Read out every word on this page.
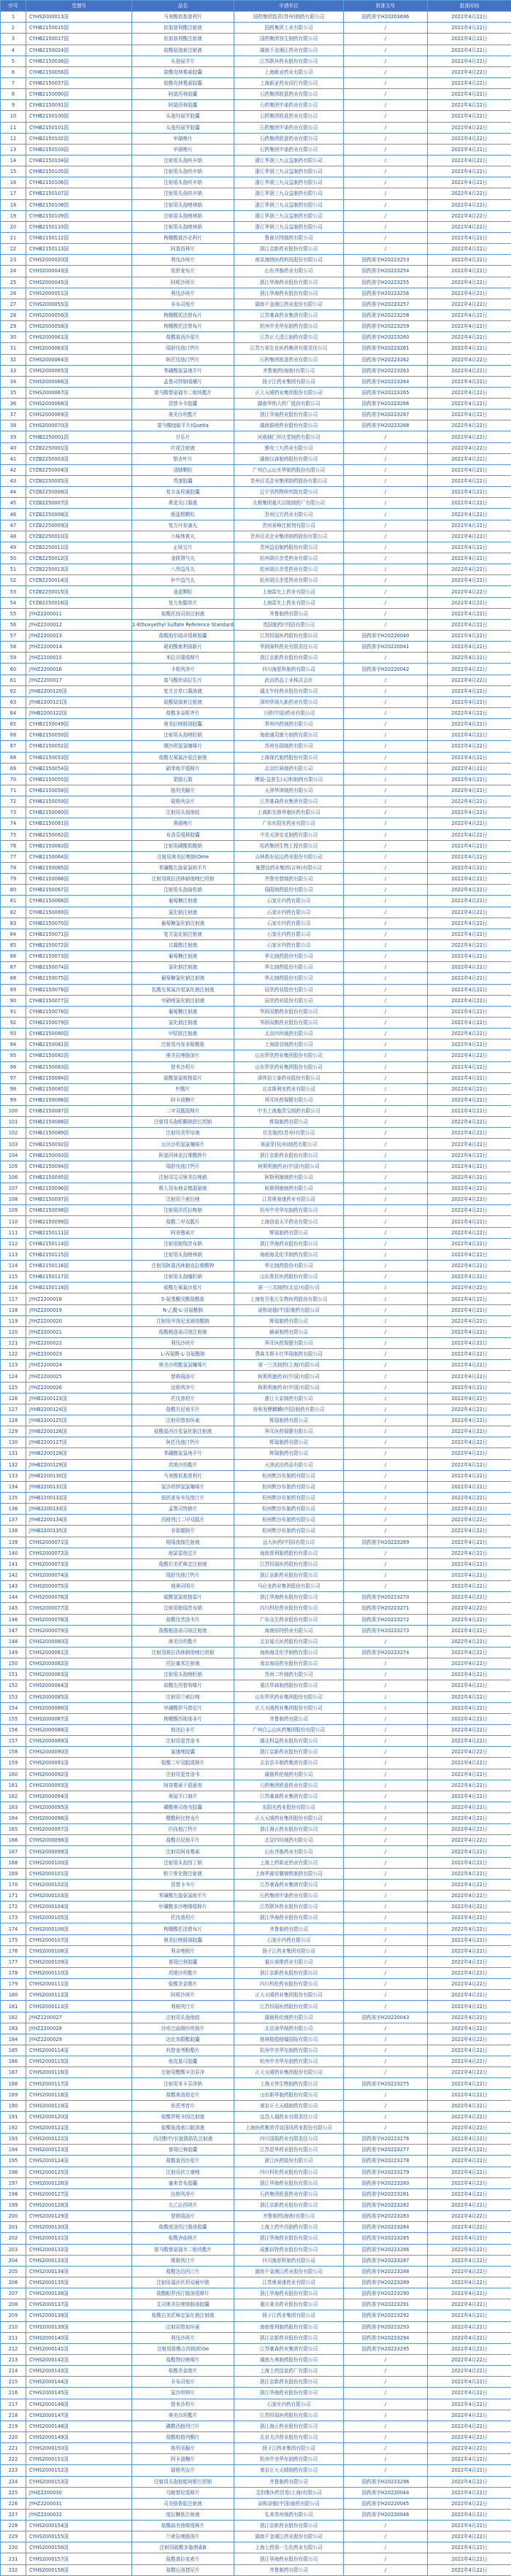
序号	受理号	品名	申请单位	批准文号	批准时间
1	CYHS2000013国	马来酸依那普利片	国药集团致君(苏州)制药有限公司	国药准字H20203696	2022年4月22日
2	CYHB2150015国	依那普利酸注射液	国药集团工业有限公司	/	2022年4月22日
3	CYHB2150017国	依那普利酸注射液	国药集团容生制药有限公司	/	2022年4月22日
4	CYHB2150024国	盐酸氨溴索注射液	湖南千金湘江药业有限公司	/	2022年4月22日
5	CYHB2150036国	头孢氨苄片	江苏联环药业股份有限公司	/	2022年4月22日
6	CYHB2150056国	盐酸克林霉素胶囊	上海新亚药业有限公司	/	2022年4月22日
7	CYHB2150057国	盐酸克林霉素胶囊	上海新亚药业闵行有限公司	/	2022年4月22日
8	CYHB2150090国	阿莫西林胶囊	石药集团欧意药业有限公司	/	2022年4月22日
9	CYHB2150091国	阿莫西林胶囊	石药集团中诺药业有限公司	/	2022年4月22日
10	CYHB2150100国	头孢羟氨苄胶囊	石药集团欧意药业有限公司	/	2022年4月22日
11	CYHB2150101国	头孢羟氨苄胶囊	石药集团中诺药业有限公司	/	2022年4月22日
12	CYHB2150102国	甲硝唑片	石药集团欧意药业有限公司	/	2022年4月22日
13	CYHB2150103国	甲硝唑片	石药集团中诺药业有限公司	/	2022年4月22日
14	CYHB2150104国	注射用头孢呋辛钠	浙江华润三九众益制药有限公司	/	2022年4月22日
15	CYHB2150105国	注射用头孢呋辛钠	浙江华润三九众益制药有限公司	/	2022年4月22日
16	CYHB2150106国	注射用头孢呋辛钠	浙江华润三九众益制药有限公司	/	2022年4月22日
17	CYHB2150107国	注射用头孢呋辛钠	浙江华润三九众益制药有限公司	/	2022年4月22日
18	CYHB2150108国	注射用头孢唑林钠	浙江华润三九众益制药有限公司	/	2022年4月22日
19	CYHB2150109国	注射用头孢唑林钠	浙江华润三九众益制药有限公司	/	2022年4月22日
20	CYHB2150110国	注射用头孢唑林钠	浙江华润三九众益制药有限公司	/	2022年4月22日
21	CYHB2150112国	枸橼酸莫沙必利片	鲁南贝特制药有限公司	/	2022年4月22日
22	CYHB2150113国	阿莫西林片	浙江京新药业股份有限公司	/	2022年4月22日
23	CYHS2000020国	利伐沙班片	南京海纳医药科技股份有限公司	国药准字H20223253	2022年4月22日
24	CYHS2000043国	依折麦布片	山东齐都药业有限公司	国药准字H20223254	2022年4月22日
25	CYHS2000045国	阿哌沙班片	浙江华海药业股份有限公司	国药准字H20223255	2022年4月22日
26	CYHS2000051国	利伐沙班片	浙江华海药业股份有限公司	国药准字H20223256	2022年4月22日
27	CYHS2000055国	非布司他片	湖南千金湘江药业股份有限公司	国药准字H20223257	2022年4月22日
28	CYHS2000056国	枸橼酸托法替布片	江苏豪森药业集团有限公司	国药准字H20223258	2022年4月22日
29	CYHS2000058国	枸橼酸托法替布片	杭州中美华东制药有限公司	国药准字H20223259	2022年4月22日
30	CYHS2000061国	盐酸莫西沙星片	江苏正大清江制药有限公司	国药准字H20223260	2022年4月22日
31	CYHS2000063国	瑞舒伐他汀钙片	江苏万邦生化医药集团有限责任公司	国药准字H20223261	2022年4月22日
32	CYHS2000064国	阿托伐他汀钙片	石药集团欧意药业有限公司	国药准字H20223262	2022年4月22日
33	CYHS2000065国	苯磺酸氨氯地平片	齐鲁制药(海南)有限公司	国药准字H20223263	2022年4月22日
34	CYHS2000066国	孟鲁司特钠咀嚼片	扬子江药业集团有限公司	国药准字H20223264	2022年4月22日
35	CYHS2000067国	富马酸替诺福韦二吡呋酯片	正大天晴药业集团股份有限公司	国药准字H20223265	2022年4月22日
36	CYHS2000068国	恩替卡韦胶囊	湖南华纳大药厂股份有限公司	国药准字H20223266	2022年4月22日
37	CYHS2000069国	奥美沙坦酯片	浙江华海药业股份有限公司	国药准字H20223267	2022年4月22日
38	CYHS2000070国	富马酸喹硫平片(Quetia	湖南洞庭药业股份有限公司	国药准字H20223268	2022年4月22日
39	CYHB2250001国	甘乐片	河南辅仁怀庆堂制药有限公司	/	2022年4月22日
40	CYZB2250001国	红花注射液	雅安三九药业有限公司	/	2022年4月22日
41	CYZB2250003国	银杏叶片	湖南汉森制药股份有限公司	/	2022年4月22日
42	CYZB2250004国	清肺颗粒	广州白云山光华制药股份有限公司	/	2022年4月22日
43	CYZB2250005国	胃康胶囊	贵州百灵企业集团制药股份有限公司	/	2022年4月22日
44	CYZB2250006国	复方血栓通胶囊	辽宁省药物研究院有限公司	/	2022年4月22日
45	CYZB2250007国	鼻窦炎口服液	太极集团重庆涪陵制药厂有限公司	/	2022年4月22日
46	CYZB2250008国	板蓝根颗粒	贵州汉方药业有限公司	/	2022年4月22日
47	CYZB2250009国	复方丹参滴丸	贵州景峰注射剂有限公司	/	2022年4月22日
48	CYZB2250010国	六味地黄丸	贵州百灵企业集团制药股份有限公司	/	2022年4月22日
49	CYZB2250011国	止咳宝片	贵州益佰制药股份有限公司	/	2022年4月22日
50	CYZB2250012国	金匮肾气丸	杭州胡庆余堂药业有限公司	/	2022年4月22日
51	CYZB2250013国	八珍益母丸	杭州胡庆余堂药业有限公司	/	2022年4月22日
52	CYZB2250014国	补中益气丸	杭州胡庆余堂药业有限公司	/	2022年4月22日
53	CYZB2250015国	逍遥颗粒	上海雷允上药业有限公司	/	2022年4月22日
54	CYZB2250016国	复方鱼腥草片	上海雷允上药业有限公司	/	2022年4月22日
55	JYHZ2200011	盐酸托烷司琼注射液	齐鲁制药有限公司	/	2022年4月22日
56	JYHZ2200012	1-Ethoxyethyl Sulfate Reference Standard	英国制药(中国)有限公司	/	2022年4月22日
57	JYHZ2200013	盐酸地尔硫卓缓释胶囊	江苏恒瑞医药股份有限公司	国药准字H20220040	2022年4月22日
58	JYHZ2200014	琥珀酸索利那新片	华润赛科药业有限责任公司	国药准字H20220041	2022年4月22日
59	JYHZ2200015	米拉贝隆缓释片	浙江京新药业股份有限公司	/	2022年4月22日
60	JYHZ2200016	卡格列净片	四川海思科制药有限公司	国药准字H20220042	2022年4月22日
61	JYHZ2200017	富马酸伏诺拉生片	武田药品工业株式会社	/	2022年4月22日
62	JYHB2200120国	复方甘草口服溶液	湖北午时药业股份有限公司	/	2022年4月22日
63	JYHB2200121国	盐酸氨溴索注射液	深圳华润九新药业有限公司	/	2022年4月22日
64	JYHB2200122国	盐酸多奈哌齐片	卫材(中国)药业有限公司	/	2022年4月22日
65	CYHB2150049国	奥美拉唑肠溶胶囊	常州四药制药有限公司	/	2022年4月22日
66	CYHB2150050国	注射用头孢唑肟钠	海南通用康力制药有限公司	/	2022年4月22日
67	CYHB2150052国	缬沙坦氢氯噻嗪片	苏州东瑞制药有限公司	/	2022年4月22日
68	CYHB2150053国	盐酸左氧氟沙星注射液	上海现代制药股份有限公司	/	2022年4月22日
69	CYHB2150054国	硝苯地平缓释片	北京红林制药有限公司	/	2022年4月22日
70	CYHB2150055国	蒙脱石散	博福-益普生(天津)制药有限公司	/	2022年4月22日
71	CYHB2150058国	格列美脲片	天津华津制药有限公司	/	2022年4月22日
72	CYHB2150059国	瑞格列奈片	江苏豪森药业集团有限公司	/	2022年4月22日
73	CYHB2150060国	注射用头孢他啶	上海新先锋华康医药有限公司	/	2022年4月22日
74	CYHB2150061国	奥硝唑片	广东东阳光药业有限公司	/	2022年4月22日
75	CYHB2150062国	布洛芬缓释胶囊	中美天津史克制药有限公司	/	2022年4月22日
76	CYHB2150063国	注射用磷酸肌酸钠	哈药集团生物工程有限公司	/	2022年4月22日
77	CYHB2150064国	注射用奥美拉唑钠(Ome	吉林敖东延边药业股份有限公司	/	2022年4月22日
78	CYHB2150065国	苯磺酸左旋氨氯地平片	施慧达药业集团(吉林)有限公司	/	2022年4月22日
79	CYHB2150066国	注射用哌拉西林钠他唑巴坦钠	齐鲁安替制药有限公司	/	2022年4月22日
80	CYHB2150067国	注射用头孢曲松钠	瑞阳制药股份有限公司	/	2022年4月22日
81	CYHB2150068国	葡萄糖注射液	石家庄四药有限公司	/	2022年4月22日
82	CYHB2150069国	氯化钠注射液	石家庄四药有限公司	/	2022年4月22日
83	CYHB2150070国	葡萄糖氯化钠注射液	石家庄四药有限公司	/	2022年4月22日
84	CYHB2150071国	复方氯化钠注射液	石家庄四药有限公司	/	2022年4月22日
85	CYHB2150072国	甘露醇注射液	石家庄四药有限公司	/	2022年4月22日
86	CYHB2150073国	葡萄糖注射液	华北制药股份有限公司	/	2022年4月22日
87	CYHB2150074国	氯化钠注射液	华北制药股份有限公司	/	2022年4月22日
88	CYHB2150075国	葡萄糖氯化钠注射液	华北制药股份有限公司	/	2022年4月22日
89	CYHB2150076国	乳酸左氧氟沙星氯化钠注射液	辰欣药业股份有限公司	/	2022年4月22日
90	CYHB2150077国	甲硝唑氯化钠注射液	辰欣药业股份有限公司	/	2022年4月22日
91	CYHB2150078国	葡萄糖注射液	华润双鹤药业股份有限公司	/	2022年4月22日
92	CYHB2150079国	氯化钠注射液	华润双鹤药业股份有限公司	/	2022年4月22日
93	CYHB2150080国	甲钴胺注射液	北京四环制药有限公司	/	2022年4月22日
94	CYHB2150081国	注射用丹参多酚酸盐	上海绿谷制药有限公司	/	2022年4月22日
95	CYHB2150082国	奥美拉唑肠溶片	山东罗欣药业集团股份有限公司	/	2022年4月22日
96	CYHB2150083国	替米沙坦片	山东罗欣药业集团股份有限公司	/	2022年4月22日
97	CYHB2150084国	硫酸氢氯吡格雷片	深圳信立泰药业股份有限公司	/	2022年4月22日
98	CYHB2150085国	叶酸片	北京斯利安药业有限公司	/	2022年4月22日
99	CYHB2150086国	阿卡波糖片	拜耳医药保健有限公司	/	2022年4月22日
100	CYHB2150087国	二甲双胍缓释片	中美上海施贵宝制药有限公司	/	2022年4月22日
101	CYHB2150088国	注射用头孢哌酮钠舒巴坦钠	辉瑞制药有限公司	/	2022年4月22日
102	CYHB2150089国	注射用美罗培南	住友制药(苏州)有限公司	/	2022年4月22日
103	CYHB2150092国	厄贝沙坦氢氯噻嗪片	赛诺菲(杭州)制药有限公司	/	2022年4月22日
104	CYHB2150093国	阿莫西林克拉维酸钾片	浙江京新药业股份有限公司	/	2022年4月22日
105	CYHB2150094国	瑞舒伐他汀钙片	阿斯利康药业(中国)有限公司	/	2022年4月22日
106	CYHB2150095国	注射用艾司奥美拉唑钠	阿斯利康制药有限公司	/	2022年4月22日
107	CYHB2150096国	吸入用布地奈德混悬液	阿斯利康制药有限公司	/	2022年4月22日
108	CYHB2150097国	注射用兰索拉唑	江苏奥赛康药业有限公司	/	2022年4月22日
109	CYHB2150098国	注射用泮托拉唑钠	杭州中美华东制药有限公司	/	2022年4月22日
110	CYHB2150099国	盐酸二甲双胍片	上海信谊天平药业有限公司	/	2022年4月22日
111	CYHB2150111国	阿奇霉素片	辉瑞制药有限公司	/	2022年4月22日
112	CYHB2150114国	注射用帕瑞昔布钠	浙江华海药业股份有限公司	/	2022年4月22日
113	CYHB2150115国	注射用头孢唑林钠	海南海灵化学制药有限公司	/	2022年4月22日
114	CYHB2150116国	注射用阿莫西林钠克拉维酸钾	华北制药股份有限公司	/	2022年4月22日
115	CYHB2150117国	注射用头孢噻肟钠	山东鲁抗医药股份有限公司	/	2022年4月22日
116	CYHB2150118国	盐酸左氧氟沙星片	第一三共制药(北京)有限公司	/	2022年4月22日
117	JYHZ2200018	5-氨基酮戊酸盐酸盐	上海复旦张江生物医药股份有限公司	/	2022年4月22日
118	JYHZ2200019	N-乙酰-L-谷氨酰胺	诺和诺德(中国)制药有限公司	/	2022年4月22日
119	JYHZ2200020	注射用甲泼尼龙琥珀酸钠	辉瑞制药有限公司	/	2022年4月22日
120	JYHZ2200021	盐酸帕洛诺司琼注射液	赫素制药有限公司	/	2022年4月22日
121	JYHZ2200022	利伐沙班片	拜耳医药保健有限公司	/	2022年4月22日
122	JYHZ2200023	L-丙氨酰-L-谷氨酰胺	费森尤斯卡比华瑞制药有限公司	/	2022年4月22日
123	JYHZ2200024	奥美沙坦酯氢氯噻嗪片	第一三共制药(上海)有限公司	/	2022年4月22日
124	JYHZ2200025	替格瑞洛片	阿斯利康药业(中国)有限公司	/	2022年4月22日
125	JYHZ2200026	达格列净片	阿斯利康药业(中国)有限公司	/	2022年4月22日
126	JYHB2200123国	托伐普坦片	浙江大冢制药有限公司	/	2022年4月22日
127	JYHB2200124国	盐酸贝尼地平片	协和发酵麒麟(中国)制药有限公司	/	2022年4月22日
128	JYHB2200125国	注射用替加环素	辉瑞制药有限公司	/	2022年4月22日
129	JYHB2200126国	盐酸莫西沙星氯化钠注射液	拜耳医药保健有限公司	/	2022年4月22日
130	JYHB2200127国	阿托伐他汀钙片	辉瑞制药有限公司	/	2022年4月22日
131	JYHB2200128国	苯磺酸氨氯地平片	辉瑞制药有限公司	/	2022年4月22日
132	JYHB2200129国	坎地沙坦酯片	天津武田药品有限公司	/	2022年4月22日
133	JYHB2200130国	马来酸依那普利片	杭州默沙东制药有限公司	/	2022年4月22日
134	JYHB2200131国	氯沙坦钾氢氯噻嗪片	杭州默沙东制药有限公司	/	2022年4月22日
135	JYHB2200132国	依折麦布辛伐他汀片	杭州默沙东制药有限公司	/	2022年4月22日
136	JYHB2200133国	孟鲁司特钠片	杭州默沙东制药有限公司	/	2022年4月22日
137	JYHB2200134国	西格列汀二甲双胍片	杭州默沙东制药有限公司	/	2022年4月22日
138	JYHB2200135国	非那雄胺片	杭州默沙东制药有限公司	/	2022年4月22日
139	CYHS2000071国	格隆溴铵注射液	远大医药(中国)有限公司	国药准字H20223269	2022年4月22日
140	CYHS2000072国	地氯雷他定片	海南普利制药股份有限公司	/	2022年4月22日
141	CYHS2000073国	盐酸右美托咪定注射液	江苏恒瑞医药股份有限公司	/	2022年4月22日
142	CYHS2000074国	瑞舒伐他汀钙片	浙江京新药业股份有限公司	/	2022年4月22日
143	CYHS2000075国	地奥司明片	马应龙药业集团股份有限公司	/	2022年4月22日
144	CYHS2000076国	硫酸氢氯吡格雷片	浙江华海药业股份有限公司	国药准字H20223270	2022年4月22日
145	CYHS2000077国	注射用帕瑞昔布钠	四川科伦药业股份有限公司	国药准字H20223271	2022年4月22日
146	CYHS2000078国	盐酸伐昔洛韦片	广东众生药业股份有限公司	国药准字H20223272	2022年4月22日
147	CYHS2000079国	盐酸帕洛诺司琼注射液	海南倍特药业有限公司	国药准字H20223273	2022年4月22日
148	CYHS2000080国	奥美沙坦酯片	北京福元医药股份有限公司	/	2022年4月22日
149	CYHS2000081国	注射用哌拉西林钠他唑巴坦钠	海南海灵化学制药有限公司	国药准字H20223274	2022年4月22日
150	CYHS2000082国	托拉塞米注射液	南京海辰药业股份有限公司	/	2022年4月22日
151	CYHS2000083国	注射用头孢唑肟钠	苏州二叶制药有限公司	/	2022年4月22日
152	CYHS2000084国	盐酸左西替利嗪片	重庆华森制药股份有限公司	/	2022年4月22日
153	CYHS2000085国	注射用兰索拉唑	山东罗欣药业集团股份有限公司	/	2022年4月22日
154	CYHS2000086国	甲磺酸伊马替尼片	正大天晴药业集团股份有限公司	/	2022年4月22日
155	CYHS2000087国	枸橼酸西地那非片	齐鲁制药有限公司	/	2022年4月22日
156	CYHS2000088国	他达拉非片	广州白云山医药集团股份有限公司	/	2022年4月22日
157	CYHS2000089国	注射用更昔洛韦	湖北科益药业股份有限公司	/	2022年4月22日
158	CYHS2000090国	氟康唑胶囊	浙江京新药业股份有限公司	/	2022年4月22日
159	CYHS2000091国	盐酸二甲双胍缓释片	北京京丰制药集团有限公司	/	2022年4月22日
160	CYHS2000092国	注射用更昔洛韦	湖南科伦制药有限公司	/	2022年4月22日
161	CYHS2000093国	阿奇霉素干混悬剂	石药集团欧意药业有限公司	/	2022年4月22日
162	CYHS2000094国	奥氮平口崩片	江苏豪森药业集团有限公司	/	2022年4月22日
163	CYHS2000095国	磷酸奥司他韦胶囊	东阳光药业股份有限公司	/	2022年4月22日
164	CYHS2000096国	醋酸阿比特龙片	正大天晴药业集团股份有限公司	/	2022年4月22日
165	CYHS2000097国	匹伐他汀钙片	浙江海正药业股份有限公司	/	2022年4月22日
166	CYHS2000098国	盐酸贝尼地平片	北京四环制药有限公司	/	2022年4月22日
167	CYHS2000099国	注射用阿奇霉素	山东齐都药业有限公司	/	2022年4月22日
168	CYHS2000100国	注射用头孢西丁钠	上海上药新亚药业有限公司	/	2022年4月22日
169	CYHS2000101国	帕立骨化醇注射液	上海华源安徽锦辉制药有限公司	/	2022年4月22日
170	CYHS2000102国	恩替卡韦片	江苏豪森药业集团有限公司	/	2022年4月22日
171	CYHS2000103国	苯磺酸左旋氨氯地平片	石药集团中诺药业有限公司	/	2022年4月22日
172	CYHS2000104国	甲磺酸多沙唑嗪缓释片	江苏联环药业股份有限公司	/	2022年4月22日
173	CYHS2000105国	托伐普坦片	浙江华海药业股份有限公司	/	2022年4月22日
174	CYHS2000106国	枸橼酸托法替布片	齐鲁制药有限公司	/	2022年4月22日
175	CYHS2000107国	奥美拉唑肠溶胶囊	石家庄四药有限公司	/	2022年4月22日
176	CYHS2000108国	利奈唑胺片	扬子江药业集团有限公司	/	2022年4月22日
177	CYHS2000109国	普瑞巴林胶囊	重庆赛维药业有限公司	/	2022年4月22日
178	CYHS2000110国	坎地沙坦酯片	浙江京新药业股份有限公司	/	2022年4月22日
179	CYHS2000111国	盐酸美金刚片	四川科伦药业股份有限公司	/	2022年4月22日
180	CYHS2000112国	阿哌沙班片	正大天晴药业集团股份有限公司	/	2022年4月22日
181	CYHS2000113国	利格列汀片	江苏恒瑞医药股份有限公司	/	2022年4月22日
182	JYHZ2200027	注射用头孢他啶	湖南科伦制药有限公司	国药准字H20220043	2022年4月22日
183	JYHZ2200028	沙库巴曲缬沙坦钠片	北京诺华制药有限公司	/	2022年4月22日
184	JYHZ2200029	达比加群酯胶囊	勃林格殷格翰国际有限公司	/	2022年4月22日
185	CYHS2000114国	吗替麦考酚酯片	杭州中美华东制药有限公司	/	2022年4月22日
186	CYHS2000115国	他克莫司胶囊	杭州中美华东制药有限公司	/	2022年4月22日
187	CYHS2000116国	注射用醋酸卡泊芬净	正大天晴药业集团股份有限公司	/	2022年4月22日
188	CYHS2000117国	注射用米卡芬净钠	上海天伟生物制药有限公司	国药准字H20223275	2022年4月22日
189	CYHS2000118国	盐酸奥洛他定片	山东新华制药股份有限公司	/	2022年4月22日
190	CYHS2000119国	依托考昔片	南京正大天晴制药有限公司	/	2022年4月22日
191	CYHS2000120国	盐酸罗哌卡因注射液	宜昌人福药业有限责任公司	/	2022年4月22日
192	CYHS2000121国	盐酸氨溴索口服溶液	上海医药集团青岛国风药业股份有限公司	/	2022年4月22日
193	CYHS2000122国	丙泊酚中/长链脂肪乳注射液	四川国瑞药业有限责任公司	国药准字H20223276	2022年4月22日
194	CYHS2000123国	普瑞巴林胶囊	江苏恩华药业股份有限公司	国药准字H20223277	2022年4月22日
195	CYHS2000124国	盐酸莫西沙星片	浙江医药股份有限公司	国药准字H20223278	2022年4月22日
196	CYHS2000125国	注射用伏立康唑	四川科伦药业股份有限公司	国药准字H20223279	2022年4月22日
197	CYHS2000126国	塞来昔布胶囊	浙江华海药业股份有限公司	国药准字H20223280	2022年4月22日
198	CYHS2000127国	达格列净片	石药集团欧意药业有限公司	国药准字H20223281	2022年4月22日
199	CYHS2000128国	左乙拉西坦片	浙江京新药业股份有限公司	国药准字H20223282	2022年4月22日
200	CYHS2000129国	替格瑞洛片	齐鲁制药(海南)有限公司	国药准字H20223283	2022年4月22日
201	CYHS2000130国	盐酸度洛西汀肠溶胶囊	上海上药中西制药有限公司	国药准字H20223284	2022年4月22日
202	CYHS2000131国	盐酸舍曲林片	浙江华海药业股份有限公司	国药准字H20223285	2022年4月22日
203	CYHS2000132国	富马酸替诺福韦二吡呋酯片	成都倍特药业股份有限公司	国药准字H20223286	2022年4月22日
204	CYHS2000133国	维格列汀片	四川海思科制药有限公司	国药准字H20223287	2022年4月22日
205	CYHS2000134国	盐酸达泊西汀片	湖南千金湘江药业股份有限公司	国药准字H20223288	2022年4月22日
206	CYHS2000135国	注射用福沙匹坦双葡甲胺	江苏奥赛康药业有限公司	国药准字H20223289	2022年4月22日
207	CYHS2000136国	盐酸帕罗西汀肠溶缓释片	浙江华海药业股份有限公司	国药准字H20223290	2022年4月22日
208	CYHS2000137国	艾司奥美拉唑镁肠溶胶囊	重庆莱美药业股份有限公司	国药准字H20223291	2022年4月22日
209	CYHS2000138国	盐酸右美托咪定氯化钠注射液	扬子江药业集团有限公司	国药准字H20223292	2022年4月22日
210	CYHS2000139国	注射用替加环素	海南普利制药股份有限公司	国药准字H20223293	2022年4月22日
211	CYHS2000140国	利伐沙班片	浙江京新药业股份有限公司	国药准字H20223294	2022年4月22日
212	CYHS2000141国	注射用盐酸吉西他滨(Ge	江苏豪森药业集团有限公司	国药准字H20223295	2022年4月22日
213	CYHS2000142国	盐酸特拉唑嗪片	湖南九典制药股份有限公司	/	2022年4月22日
214	CYHS2000143国	盐酸美金刚片	上海上药信谊药厂有限公司	/	2022年4月22日
215	CYHS2000144国	非布司他片	浙江京新药业股份有限公司	/	2022年4月22日
216	CYHS2000145国	氯沙坦钾片	浙江华海药业股份有限公司	/	2022年4月22日
217	CYHS2000146国	替米沙坦片	石家庄四药有限公司	/	2022年4月22日
218	CYHS2000147国	奥美沙坦酯片	江苏恒瑞医药股份有限公司	/	2022年4月22日
219	CYHS2000148国	磷酸西格列汀片	浙江海正药业股份有限公司	/	2022年4月22日
220	CYHS2000149国	盐酸吡格列酮片	北京太洋药业股份有限公司	/	2022年4月22日
221	CYHS2000150国	格列美脲片	扬子江药业集团有限公司	/	2022年4月22日
222	CYHS2000151国	阿卡波糖片	杭州中美华东制药有限公司	/	2022年4月22日
223	CYHS2000152国	瑞格列奈片	南京正大天晴制药有限公司	/	2022年4月22日
224	CYHS2000153国	注射用头孢他啶阿维巴坦钠	齐鲁制药有限公司	国药准字H20223296	2022年4月22日
225	JYHZ2200030	乌帕替尼缓释片	艾伯维医药贸易(上海)有限公司	国药准字H20220044	2022年4月22日
226	JYHZ2200031	司美格鲁肽注射液	诺和诺德(中国)制药有限公司	国药准字H20220045	2022年4月22日
227	JYHZ2200032	度拉糖肽注射液	礼来苏州制药有限公司	国药准字H20220046	2022年4月22日
228	CYHS2000154国	盐酸曲美他嗪缓释片	浙江京新药业股份有限公司	/	2022年4月22日
229	CYHS2000155国	兰索拉唑肠溶片	湖南千金湘江药业股份有限公司	/	2022年4月22日
230	CYHS2000156国	注射用硫酸多黏菌素B	上海上药第一生化药业有限公司	/	2022年4月22日
231	CYHS2000157国	盐酸普拉克索片	浙江华海药业股份有限公司	/	2022年4月22日
232	CYHS2000158国	盐酸厄洛替尼片	齐鲁制药有限公司	/	2022年4月22日
